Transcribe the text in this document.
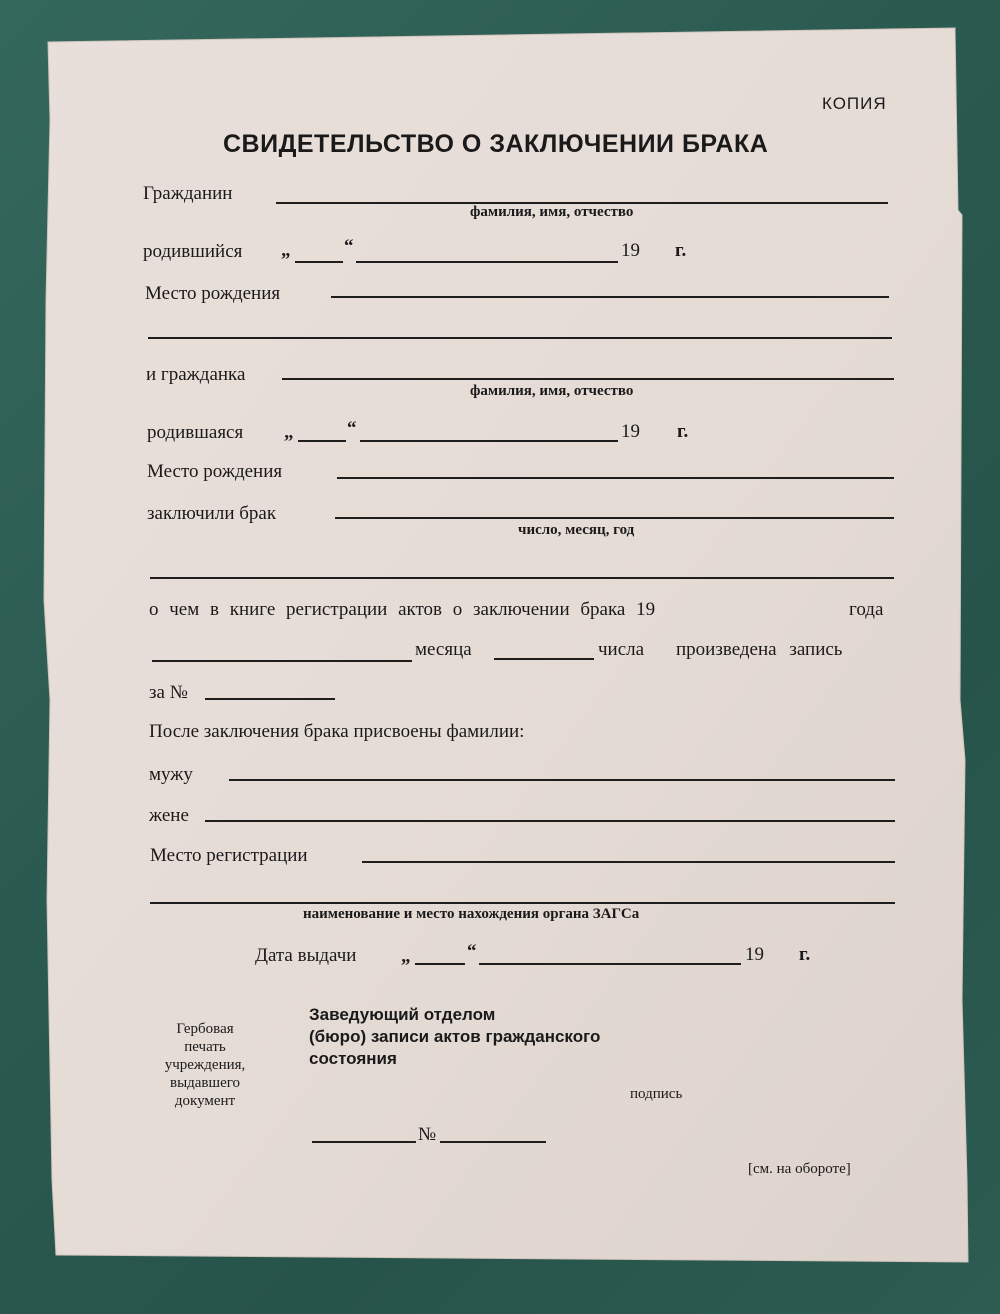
КОПИЯ
СВИДЕТЕЛЬСТВО О ЗАКЛЮЧЕНИИ БРАКА
Гражданин
фамилия, имя, отчество
родившийся „	“	19 г.
Место рождения
и гражданка
фамилия, имя, отчество
родившаяся „	“	19 г.
Место рождения
заключили брак
число, месяц, год
о чем в книге регистрации актов о заключении брака 19	года
месяца	числа произведена запись
за №
После заключения брака присвоены фамилии:
мужу
жене
Место регистрации
наименование и место нахождения органа ЗАГСа
Дата выдачи „	“	19 г.
Гербовая
печать
учреждения,
выдавшего
документ
Заведующий отделом
(бюро) записи актов гражданского
состояния
подпись
№
[см. на обороте]
